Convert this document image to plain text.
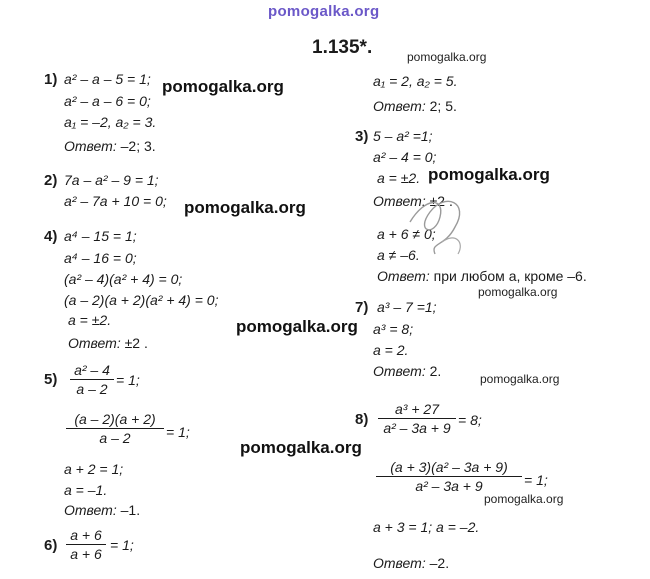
pomogalka.org
1.135*.
1) a² – a – 5 = 1;
a² – a – 6 = 0;
a₁ = –2, a₂ = 3.
Ответ: –2; 3.
2) 7a – a² – 9 = 1;
a² – 7a + 10 = 0;
a₁ = 2, a₂ = 5.
Ответ: 2; 5.
4) a⁴ – 15 = 1;
a⁴ – 16 = 0;
(a² – 4)(a² + 4) = 0;
(a – 2)(a + 2)(a² + 4) = 0;
a = ±2.
Ответ: ±2 .
5)
a² – 4
a – 2
= 1;
(a – 2)(a + 2)
a – 2	= 1;
a + 2 = 1;
a = –1.
Ответ: –1.
6)
a + 6
a + 6
= 1;
3) 5 – a² =1;
a² – 4 = 0;
a = ±2.
Ответ: ±2 .
a + 6 ≠ 0;
a ≠ –6.
Ответ: при любом a, кроме –6.
7) a³ – 7 =1;
a³ = 8;
a = 2.
Ответ: 2.
8)
a³ + 27
a² – 3a + 9 = 8;
(a + 3)(a² – 3a + 9)
a² – 3a + 9	= 1;
a + 3 = 1; a = –2.
Ответ: –2.
pomogalka.org
pomogalka.org
pomogalka.org
pomogalka.org
pomogalka.org
pomogalka.org
pomogalka.org
pomogalka.org
pomogalka.org
